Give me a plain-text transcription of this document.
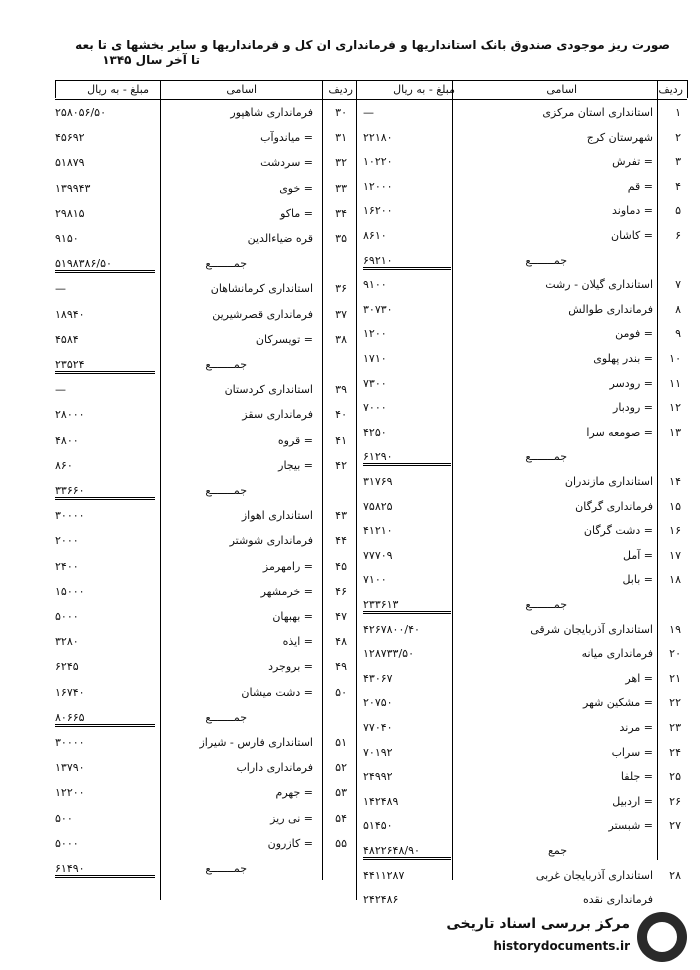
صورت ریز موجودی صندوق بانک استانداریها و فرمانداری ان کل و فرمانداریها و سایر بخشها ی تا بعه
تا آخر سال ۱۳۴۵
ردیف
اسامی
مبلغ - به ریال
ردیف
اسامی
مبلغ - به ریال
۱
استانداری استان مرکزی
—
۲
شهرستان کرج
۲۲۱۸۰
۳
= تفرش
۱۰۲۲۰
۴
= قم
۱۲۰۰۰
۵
= دماوند
۱۶۲۰۰
۶
= کاشان
۸۶۱۰
جمـــــــع
۶۹۲۱۰
۷
استانداری گیلان - رشت
۹۱۰۰
۸
فرمانداری طوالش
۳۰۷۳۰
۹
= فومن
۱۲۰۰
۱۰
= بندر پهلوی
۱۷۱۰
۱۱
= رودسر
۷۳۰۰
۱۲
= رودبار
۷۰۰۰
۱۳
= صومعه سرا
۴۲۵۰
جمـــــــع
۶۱۲۹۰
۱۴
استانداری مازندران
۳۱۷۶۹
۱۵
فرمانداری گرگان
۷۵۸۲۵
۱۶
= دشت گرگان
۴۱۲۱۰
۱۷
= آمل
۷۷۷۰۹
۱۸
= بابل
۷۱۰۰
جمـــــــع
۲۳۳۶۱۳
۱۹
استانداری آذربایجان شرقی
۴۲۶۷۸۰۰/۴۰
۲۰
فرمانداری میانه
۱۲۸۷۳۳/۵۰
۲۱
= اهر
۴۳۰۶۷
۲۲
= مشکین شهر
۲۰۷۵۰
۲۳
= مرند
۷۷۰۴۰
۲۴
= سراب
۷۰۱۹۲
۲۵
= جلفا
۲۴۹۹۲
۲۶
= اردبیل
۱۴۲۴۸۹
۲۷
= شبستر
۵۱۴۵۰
جمع
۴۸۲۲۶۴۸/۹۰
۲۸
استانداری آذربایجان غربی
۴۴۱۱۲۸۷
فرمانداری نقده
۲۴۲۴۸۶
۳۰
فرمانداری شاهپور
۲۵۸۰۵۶/۵۰
۳۱
= میاندوآب
۴۵۶۹۲
۳۲
= سردشت
۵۱۸۷۹
۳۳
= خوی
۱۳۹۹۴۳
۳۴
= ماکو
۲۹۸۱۵
۳۵
قره ضیاءالدین
۹۱۵۰
جمـــــــع
۵۱۹۸۳۸۶/۵۰
۳۶
استانداری کرمانشاهان
—
۳۷
فرمانداری قصرشیرین
۱۸۹۴۰
۳۸
= تویسرکان
۴۵۸۴
جمـــــــع
۲۳۵۲۴
۳۹
استانداری کردستان
—
۴۰
فرمانداری سقز
۲۸۰۰۰
۴۱
= قروه
۴۸۰۰
۴۲
= بیجار
۸۶۰
جمـــــــع
۳۳۶۶۰
۴۳
استانداری اهواز
۳۰۰۰۰
۴۴
فرمانداری شوشتر
۲۰۰۰
۴۵
= رامهرمز
۲۴۰۰
۴۶
= خرمشهر
۱۵۰۰۰
۴۷
= بهبهان
۵۰۰۰
۴۸
= ایذه
۳۲۸۰
۴۹
= بروجرد
۶۲۴۵
۵۰
= دشت میشان
۱۶۷۴۰
جمـــــــع
۸۰۶۶۵
۵۱
استانداری فارس - شیراز
۳۰۰۰۰
۵۲
فرمانداری داراب
۱۳۷۹۰
۵۳
= جهرم
۱۲۲۰۰
۵۴
= نی ریز
۵۰۰
۵۵
= کازرون
۵۰۰۰
جمـــــــع
۶۱۴۹۰
مرکز بررسی اسناد تاریخی
historydocuments.ir
